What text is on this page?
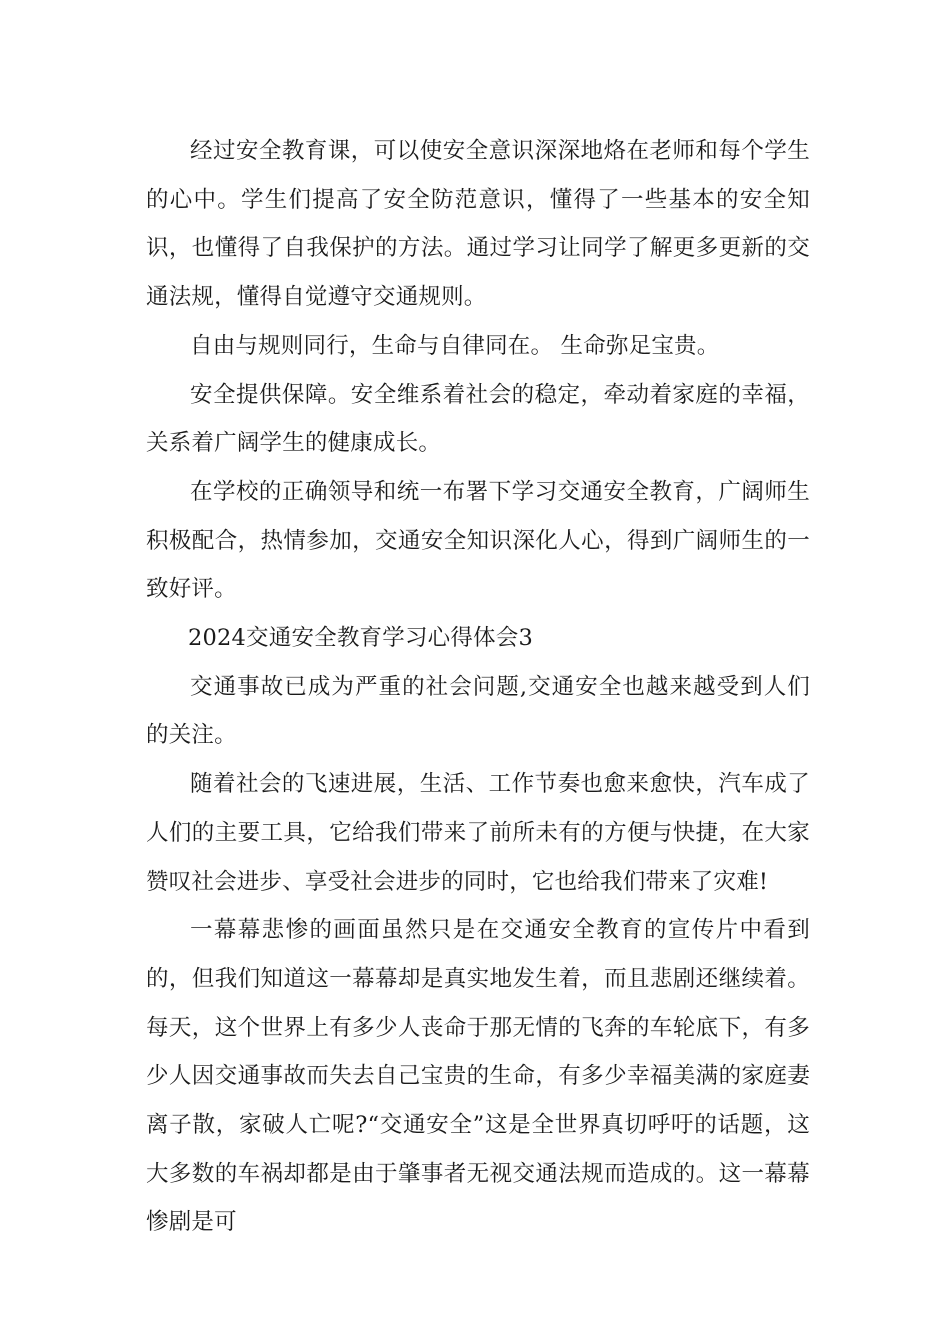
经过安全教育课，可以使安全意识深深地烙在老师和每个学生的心中。学生们提高了安全防范意识，懂得了一些基本的安全知识，也懂得了自我保护的方法。通过学习让同学了解更多更新的交通法规，懂得自觉遵守交通规则。

自由与规则同行，生命与自律同在。 生命弥足宝贵。

安全提供保障。安全维系着社会的稳定，牵动着家庭的幸福，关系着广阔学生的健康成长。

在学校的正确领导和统一布署下学习交通安全教育，广阔师生积极配合，热情参加，交通安全知识深化人心，得到广阔师生的一致好评。

2024交通安全教育学习心得体会3

交通事故已成为严重的社会问题,交通安全也越来越受到人们的关注。

随着社会的飞速进展，生活、工作节奏也愈来愈快，汽车成了人们的主要工具，它给我们带来了前所未有的方便与快捷，在大家赞叹社会进步、享受社会进步的同时，它也给我们带来了灾难!

一幕幕悲惨的画面虽然只是在交通安全教育的宣传片中看到的，但我们知道这一幕幕却是真实地发生着，而且悲剧还继续着。每天，这个世界上有多少人丧命于那无情的飞奔的车轮底下，有多少人因交通事故而失去自己宝贵的生命，有多少幸福美满的家庭妻离子散，家破人亡呢?“交通安全”这是全世界真切呼吁的话题，这大多数的车祸却都是由于肇事者无视交通法规而造成的。这一幕幕惨剧是可
